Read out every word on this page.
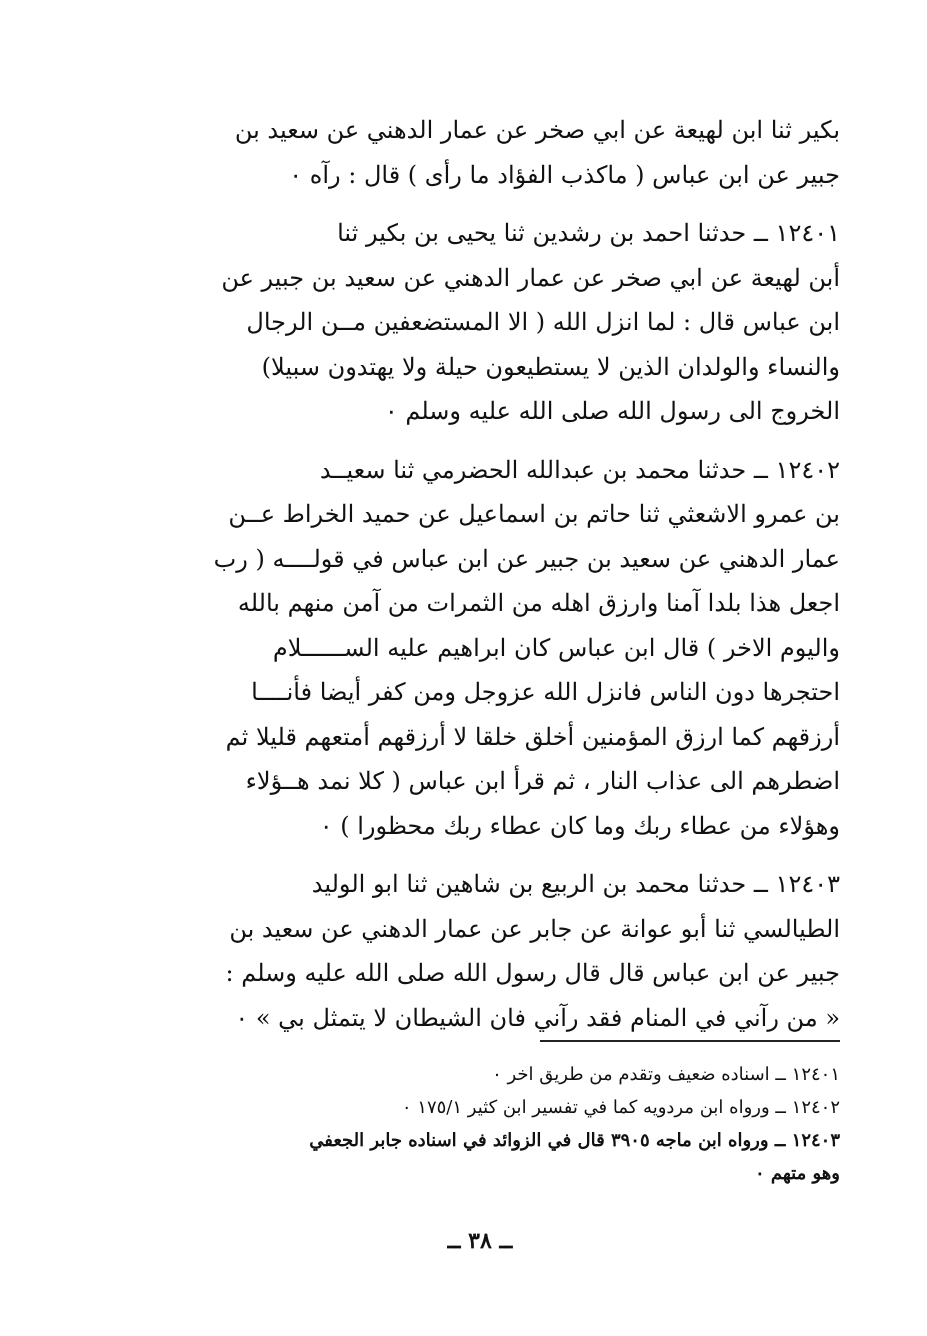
بكير ثنا ابن لهيعة عن ابي صخر عن عمار الدهني عن سعيد بن
جبير عن ابن عباس ( ماكذب الفؤاد ما رأى ) قال : رآه ٠
١٢٤٠١ ــ حدثنا احمد بن رشدين ثنا يحيى بن بكير ثنا
أبن لهيعة عن ابي صخر عن عمار الدهني عن سعيد بن جبير عن
ابن عباس قال : لما انزل الله ( الا المستضعفين مــن الرجال
والنساء والولدان الذين لا يستطيعون حيلة ولا يهتدون سبيلا)
الخروج الى رسول الله صلى الله عليه وسلم ٠
١٢٤٠٢ ــ حدثنا محمد بن عبدالله الحضرمي ثنا سعيــد
بن عمرو الاشعثي ثنا حاتم بن اسماعيل عن حميد الخراط عــن
عمار الدهني عن سعيد بن جبير عن ابن عباس في قولــــه ( رب
اجعل هذا بلدا آمنا وارزق اهله من الثمرات من آمن منهم بالله
واليوم الاخر ) قال ابن عباس كان ابراهيم عليه الســــــلام
احتجرها دون الناس فانزل الله عزوجل ومن كفر أيضا فأنــــا
أرزقهم كما ارزق المؤمنين أخلق خلقا لا أرزقهم أمتعهم قليلا ثم
اضطرهم الى عذاب النار ، ثم قرأ ابن عباس ( كلا نمد هــؤلاء
وهؤلاء من عطاء ربك وما كان عطاء ربك محظورا ) ٠
١٢٤٠٣ ــ حدثنا محمد بن الربيع بن شاهين ثنا ابو الوليد
الطيالسي ثنا أبو عوانة عن جابر عن عمار الدهني عن سعيد بن
جبير عن ابن عباس قال قال رسول الله صلى الله عليه وسلم :
« من رآني في المنام فقد رآني فان الشيطان لا يتمثل بي » ٠

١٢٤٠١ ــ اسناده ضعيف وتقدم من طريق اخر ٠

١٢٤٠٢ ــ ورواه ابن مردويه كما في تفسير ابن كثير ١٧٥/١ ٠

١٢٤٠٣ ــ ورواه ابن ماجه ٣٩٠٥ قال في الزوائد في اسناده جابر الجعفي

وهو متهم ٠

ــ ٣٨ ــ
